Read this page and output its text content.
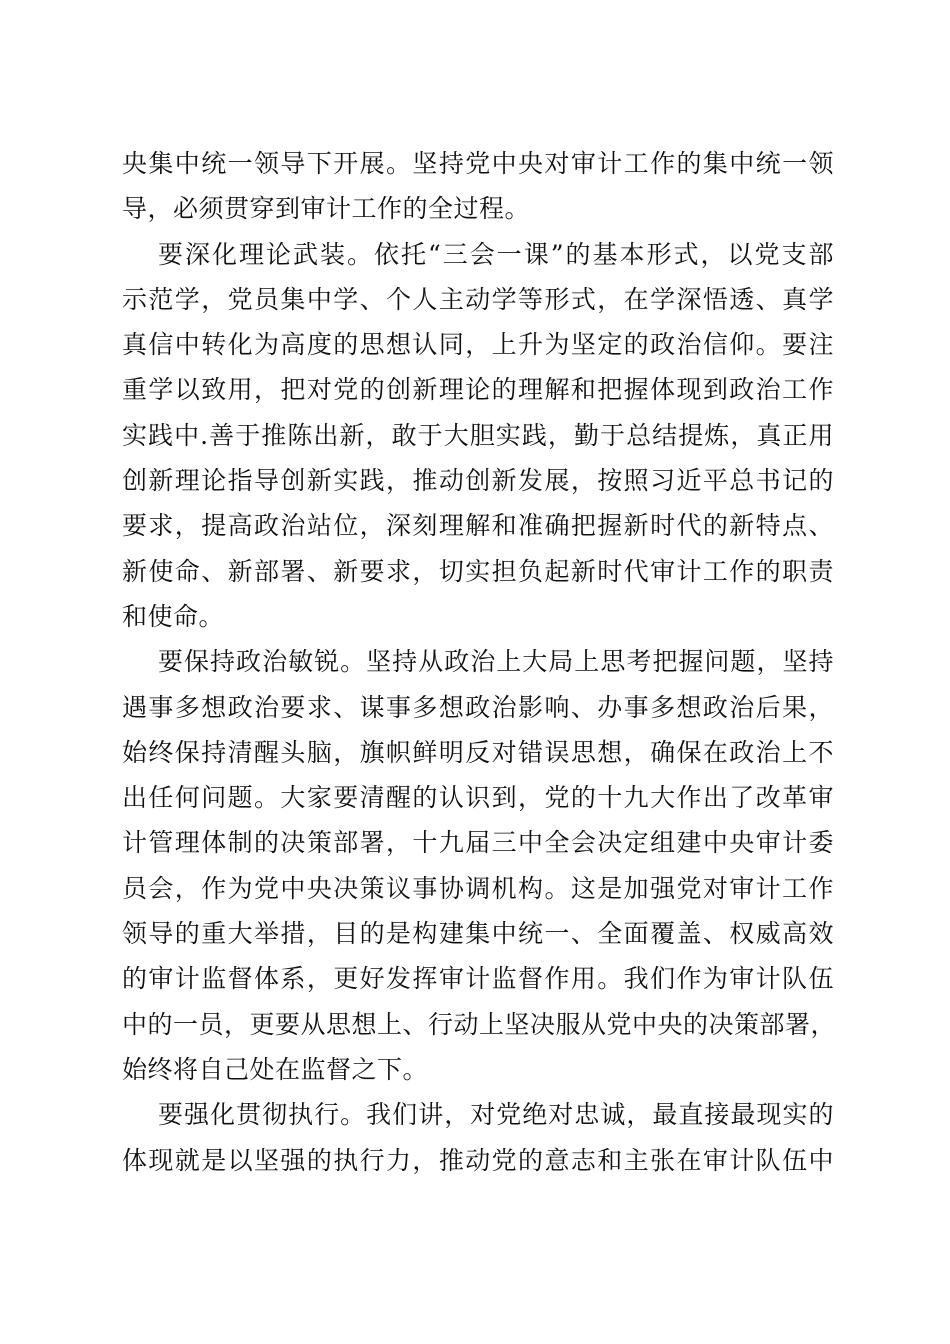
央集中统一领导下开展。坚持党中央对审计工作的集中统一领
导，必须贯穿到审计工作的全过程。
要深化理论武装。依托“三会一课”的基本形式，以党支部
示范学，党员集中学、个人主动学等形式，在学深悟透、真学
真信中转化为高度的思想认同，上升为坚定的政治信仰。要注
重学以致用，把对党的创新理论的理解和把握体现到政治工作
实践中.善于推陈出新，敢于大胆实践，勤于总结提炼，真正用
创新理论指导创新实践，推动创新发展，按照习近平总书记的
要求，提高政治站位，深刻理解和准确把握新时代的新特点、
新使命、新部署、新要求，切实担负起新时代审计工作的职责
和使命。
要保持政治敏锐。坚持从政治上大局上思考把握问题，坚持
遇事多想政治要求、谋事多想政治影响、办事多想政治后果，
始终保持清醒头脑，旗帜鲜明反对错误思想，确保在政治上不
出任何问题。大家要清醒的认识到，党的十九大作出了改革审
计管理体制的决策部署，十九届三中全会决定组建中央审计委
员会，作为党中央决策议事协调机构。这是加强党对审计工作
领导的重大举措，目的是构建集中统一、全面覆盖、权威高效
的审计监督体系，更好发挥审计监督作用。我们作为审计队伍
中的一员，更要从思想上、行动上坚决服从党中央的决策部署，
始终将自己处在监督之下。
要强化贯彻执行。我们讲，对党绝对忠诚，最直接最现实的
体现就是以坚强的执行力，推动党的意志和主张在审计队伍中
